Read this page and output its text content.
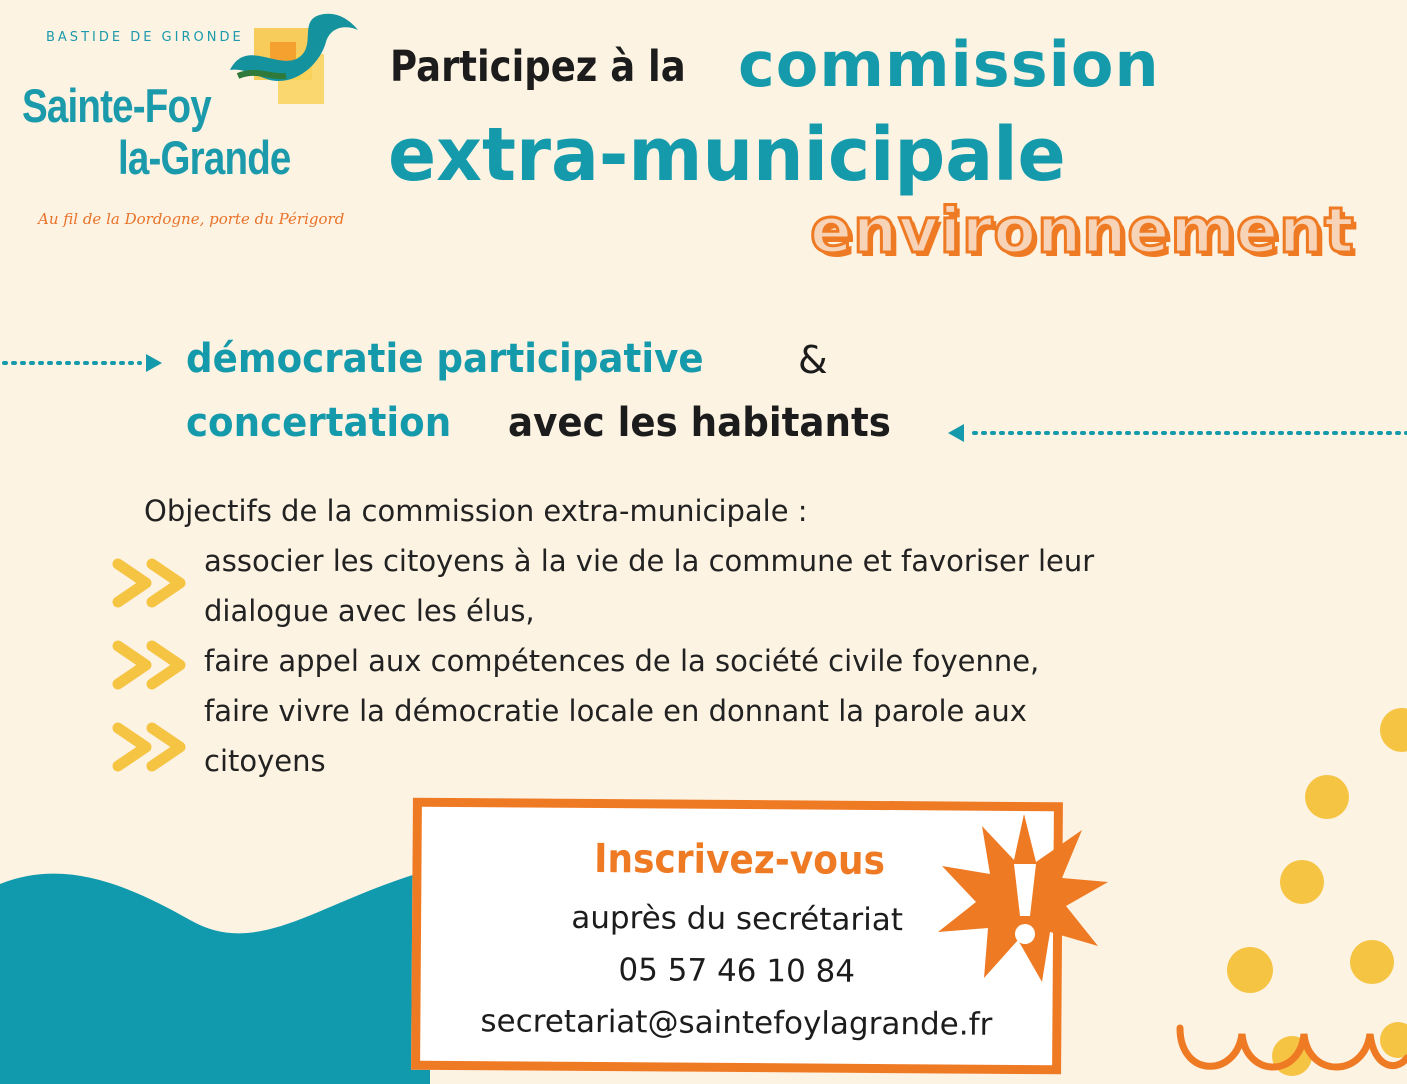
BASTIDE DE GIRONDE
Sainte-Foy
la-Grande
Au fil de la Dordogne, porte du Périgord
Participez à la commission
extra-municipale
environnement
démocratie participative &
concertation avec les habitants
Objectifs de la commission extra-municipale :
associer les citoyens à la vie de la commune et favoriser leur
dialogue avec les élus,
faire appel aux compétences de la société civile foyenne,
faire vivre la démocratie locale en donnant la parole aux
citoyens
Inscrivez-vous
auprès du secrétariat
05 57 46 10 84
secretariat@saintefoylagrande.fr
